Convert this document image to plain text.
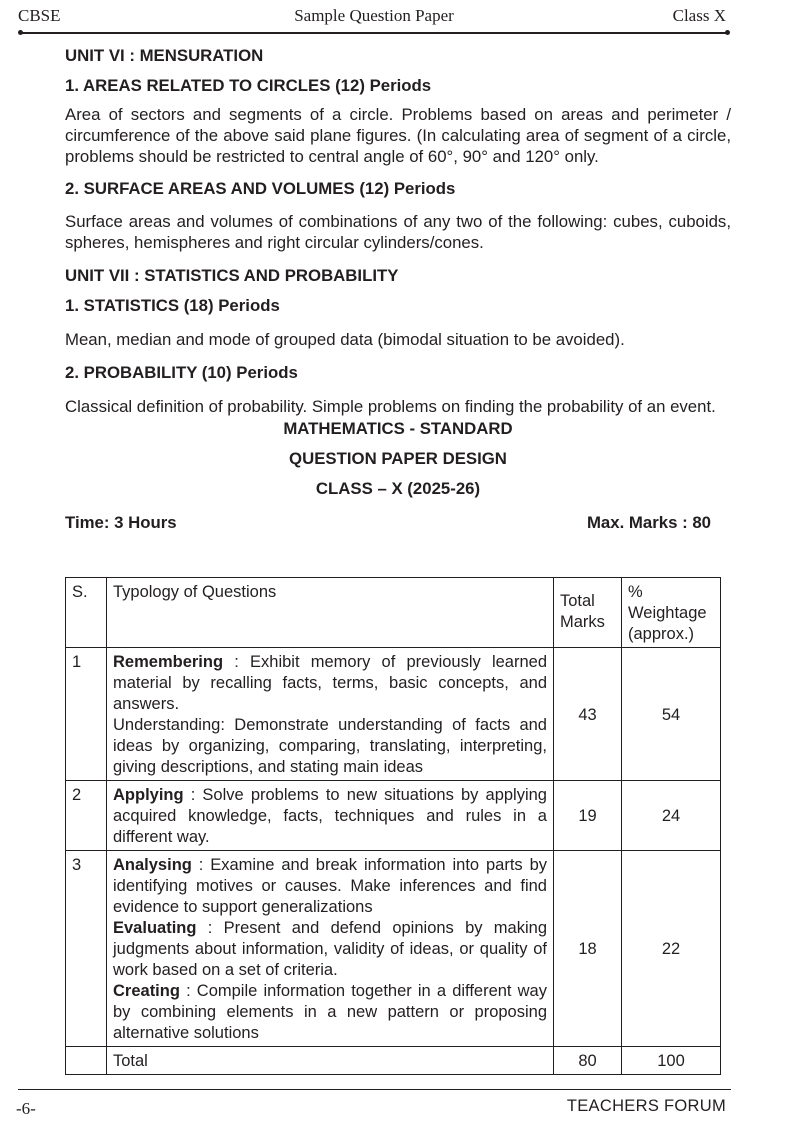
CBSE	Sample Question Paper	Class X
UNIT VI : MENSURATION
1. AREAS RELATED TO CIRCLES (12) Periods

Area of sectors and segments of a circle. Problems based on areas and perimeter / circumference of the above said plane figures. (In calculating area of segment of a circle, problems should be restricted to central angle of 60°, 90° and 120° only.

2. SURFACE AREAS AND VOLUMES (12) Periods

Surface areas and volumes of combinations of any two of the following: cubes, cuboids, spheres, hemispheres and right circular cylinders/cones.

UNIT VII : STATISTICS AND PROBABILITY
1. STATISTICS (18) Periods

Mean, median and mode of grouped data (bimodal situation to be avoided).

2. PROBABILITY (10) Periods

Classical definition of probability. Simple problems on finding the probability of an event.

MATHEMATICS - STANDARD
QUESTION PAPER DESIGN
CLASS – X (2025-26)
Time: 3 Hours	Max. Marks : 80
S.	Typology of Questions	Total Marks	% Weightage (approx.)
1	Remembering : Exhibit memory of previously learned material by recalling facts, terms, basic concepts, and answers.
Understanding: Demonstrate understanding of facts and ideas by organizing, comparing, translating, interpreting, giving descriptions, and stating main ideas	43	54
2	Applying : Solve problems to new situations by applying acquired knowledge, facts, techniques and rules in a different way.	19	24
3	Analysing : Examine and break information into parts by identifying motives or causes. Make inferences and find evidence to support generalizations
Evaluating : Present and defend opinions by making judgments about information, validity of ideas, or quality of work based on a set of criteria.
Creating : Compile information together in a different way by combining elements in a new pattern or proposing alternative solutions	18	22
	Total	80	100
-6-	TEACHERS FORUM
